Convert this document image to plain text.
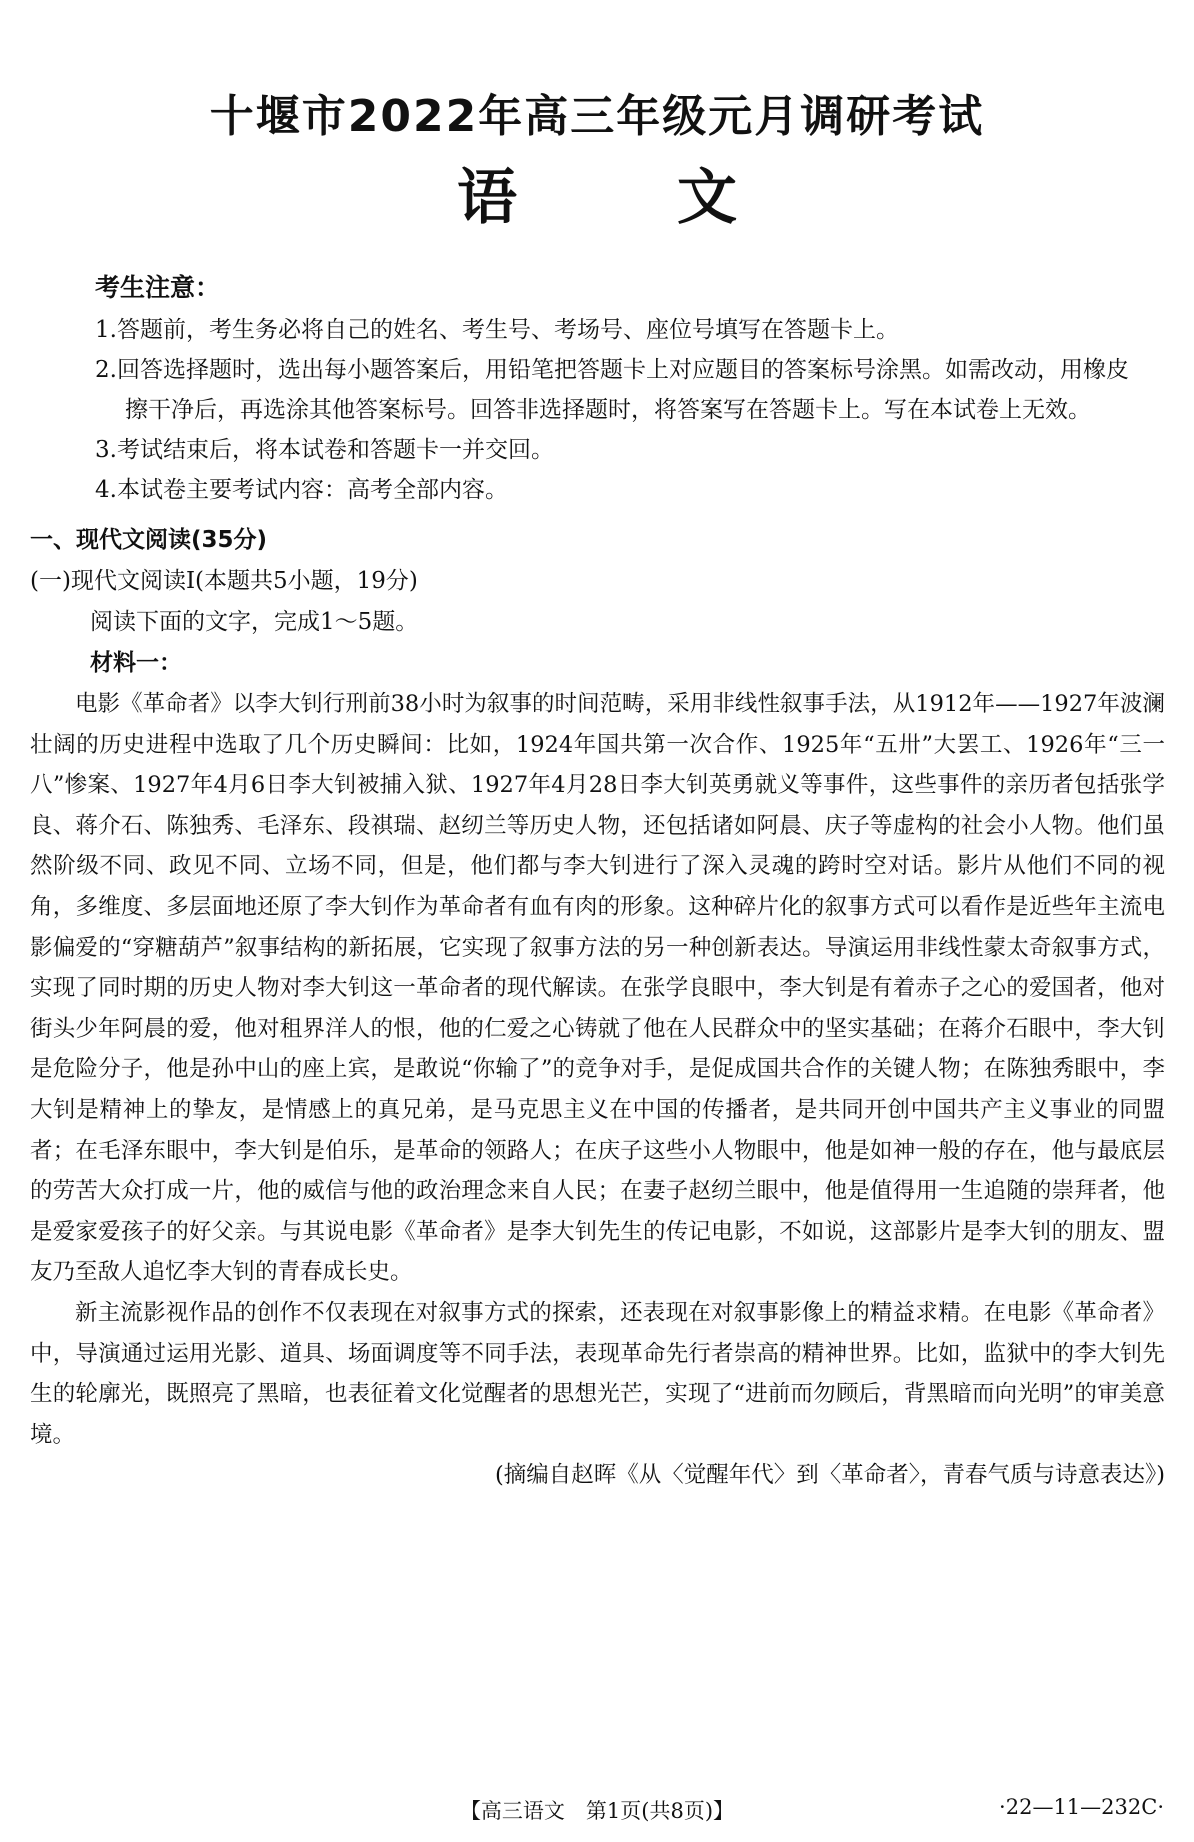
十堰市2022年高三年级元月调研考试
语	文
考生注意：
1.答题前，考生务必将自己的姓名、考生号、考场号、座位号填写在答题卡上。
2.回答选择题时，选出每小题答案后，用铅笔把答题卡上对应题目的答案标号涂黑。如需改动，用橡皮擦干净后，再选涂其他答案标号。回答非选择题时，将答案写在答题卡上。写在本试卷上无效。
3.考试结束后，将本试卷和答题卡一并交回。
4.本试卷主要考试内容：高考全部内容。
一、现代文阅读(35分)
(一)现代文阅读Ⅰ(本题共5小题，19分)
阅读下面的文字，完成1～5题。
材料一：
电影《革命者》以李大钊行刑前38小时为叙事的时间范畴，采用非线性叙事手法，从1912年——1927年波澜壮阔的历史进程中选取了几个历史瞬间：比如，1924年国共第一次合作、1925年“五卅”大罢工、1926年“三一八”惨案、1927年4月6日李大钊被捕入狱、1927年4月28日李大钊英勇就义等事件，这些事件的亲历者包括张学良、蒋介石、陈独秀、毛泽东、段祺瑞、赵纫兰等历史人物，还包括诸如阿晨、庆子等虚构的社会小人物。他们虽然阶级不同、政见不同、立场不同，但是，他们都与李大钊进行了深入灵魂的跨时空对话。影片从他们不同的视角，多维度、多层面地还原了李大钊作为革命者有血有肉的形象。这种碎片化的叙事方式可以看作是近些年主流电影偏爱的“穿糖葫芦”叙事结构的新拓展，它实现了叙事方法的另一种创新表达。导演运用非线性蒙太奇叙事方式，实现了同时期的历史人物对李大钊这一革命者的现代解读。在张学良眼中，李大钊是有着赤子之心的爱国者，他对街头少年阿晨的爱，他对租界洋人的恨，他的仁爱之心铸就了他在人民群众中的坚实基础；在蒋介石眼中，李大钊是危险分子，他是孙中山的座上宾，是敢说“你输了”的竞争对手，是促成国共合作的关键人物；在陈独秀眼中，李大钊是精神上的挚友，是情感上的真兄弟，是马克思主义在中国的传播者，是共同开创中国共产主义事业的同盟者；在毛泽东眼中，李大钊是伯乐，是革命的领路人；在庆子这些小人物眼中，他是如神一般的存在，他与最底层的劳苦大众打成一片，他的威信与他的政治理念来自人民；在妻子赵纫兰眼中，他是值得用一生追随的崇拜者，他是爱家爱孩子的好父亲。与其说电影《革命者》是李大钊先生的传记电影，不如说，这部影片是李大钊的朋友、盟友乃至敌人追忆李大钊的青春成长史。
新主流影视作品的创作不仅表现在对叙事方式的探索，还表现在对叙事影像上的精益求精。在电影《革命者》中，导演通过运用光影、道具、场面调度等不同手法，表现革命先行者崇高的精神世界。比如，监狱中的李大钊先生的轮廓光，既照亮了黑暗，也表征着文化觉醒者的思想光芒，实现了“进前而勿顾后，背黑暗而向光明”的审美意境。
(摘编自赵晖《从〈觉醒年代〉到〈革命者〉，青春气质与诗意表达》)
【高三语文　第1页(共8页)】	·22—11—232C·
